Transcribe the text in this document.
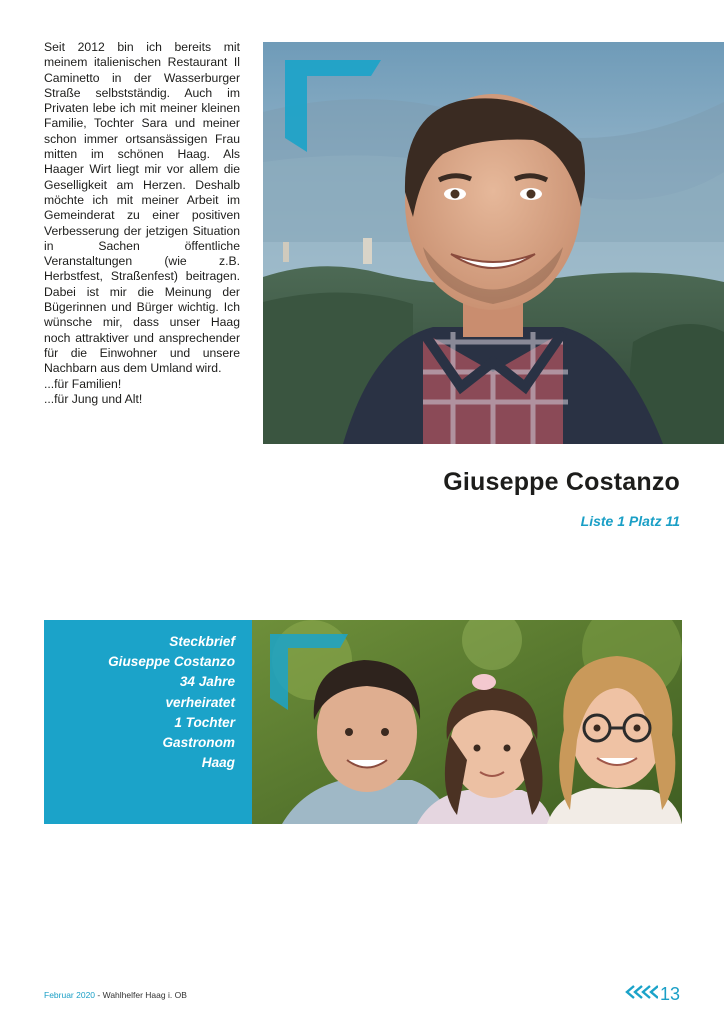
Seit 2012 bin ich bereits mit meinem italienischen Restaurant Il Caminetto in der Wasserburger Straße selbstständig. Auch im Privaten lebe ich mit meiner kleinen Familie, Tochter Sara und meiner schon immer ortsansässigen Frau mitten im schönen Haag. Als Haager Wirt liegt mir vor allem die Geselligkeit am Herzen. Deshalb möchte ich mit meiner Arbeit im Gemeinderat zu einer positiven Verbesserung der jetzigen Situation in Sachen öffentliche Veranstaltungen (wie z.B. Herbstfest, Straßenfest) beitragen. Dabei ist mir die Meinung der Bügerinnen und Bürger wichtig. Ich wünsche mir, dass unser Haag noch attraktiver und ansprechender für die Einwohner und unsere Nachbarn aus dem Umland wird.

...für Familien!

...für Jung und Alt!

Giuseppe Costanzo
Liste 1 Platz 11
Steckbrief
Giuseppe Costanzo
34 Jahre
verheiratet
1 Tochter
Gastronom
Haag
Februar 2020 - Wahlhelfer Haag i. OB	13
